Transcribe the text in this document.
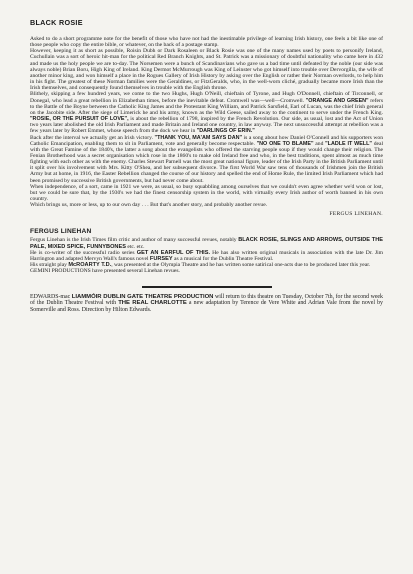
BLACK ROSIE

Asked to do a short programme note for the benefit of those who have not had the inestimable privilege of learning Irish history, one feels a bit like one of those people who copy the entire bible, or whatever, on the back of a postage stamp.

However, keeping it as short as possible, Roisin Dubh or Dark Rosaleen or Black Rosie was one of the many names used by poets to personify Ireland, Cuchullain was a sort of heroic hit-man for the political Red Branch Knights, and St. Patrick was a missionary of doubtful nationality who came here in 432 and made us the holy people we are to-day. The Norsemen were a bunch of Scandinavians who gave us a bad time until defeated by the noble (our side was always noble) Brian Boru, High King of Ireland. King Dermot McMurrough was King of Leinster who got himself into trouble over Dervorgilla, the wife of another minor king, and won himself a place in the Rogues Gallery of Irish History by asking over the English or rather their Norman overlords, to help him in his fight. The greatest of these Norman families were the Geraldines, or FitzGeralds, who, in the well-worn cliché, gradually became more Irish than the Irish themselves, and consequently found themselves in trouble with the English throne.

Blithely, skipping a few hundred years, we come to the two Hughs, Hugh O'Neill, chieftain of Tyrone, and Hugh O'Donnell, chieftain of Tirconnell, or Donegal, who lead a great rebellion in Elizabethan times, before the inevitable defeat. Cromwell was—well—Cromwell. "ORANGE AND GREEN" refers to the Battle of the Boyne between the Catholic King James and the Protestant King William, and Patrick Sarsfield, Earl of Lucan, was the chief Irish general on the Jacobite side. After the siege of Limerick he and his army, known as the Wild Geese, sailed away to the continent to serve under the French King. "ROSIE, OR THE PURSUIT OF LOVE", is about the rebellion of 1798, inspired by the French Revolution. Our side, as usual, lost and the Act of Union two years later abolished the old Irish Parliament and made Britain and Ireland one country, in law anyway. The next unsuccessful attempt at rebellion was a few years later by Robert Emmet, whose speech from the dock we hear in "DARLINGS OF ERIN."

Back after the interval we actually get an Irish victory. "THANK YOU, MA'AM SAYS DAN" is a song about how Daniel O'Connell and his supporters won Catholic Emancipation, enabling them to sit in Parliament, vote and generally become respectable. "NO ONE TO BLAME" and "LADLE IT WELL" deal with the Great Famine of the 1840's, the latter a song about the evangelists who offered the starving people soup if they would change their religion. The Fenian Brotherhood was a secret organisation which rose in the 1860's to make old Ireland free and who, in the best traditions, spent almost as much time fighting with each other as with the enemy. Charles Stewart Parnell was the most great national figure, leader of the Irish Party in the British Parliament until it split over his involvement with Mrs. Kitty O'Shea, and her subsequent divorce. The first World War saw tens of thousands of Irishmen join the British Army but at home, in 1916, the Easter Rebellion changed the course of our history and spelled the end of Home Rule, the limited Irish Parliament which had been promised by successive British governments, but had never come about.

When independence, of a sort, came in 1921 we were, as usual, so busy squabbling among ourselves that we couldn't even agree whether we'd won or lost, but we could be sure that, by the 1930's we had the finest censorship system in the world, with virtually every Irish author of worth banned in his own country.

Which brings us, more or less, up to our own day . . . But that's another story, and probably another revue.

FERGUS LINEHAN.
FERGUS LINEHAN

Fergus Linehan is the Irish Times film critic and author of many successful revues, notably BLACK ROSIE, SLINGS AND ARROWS, OUTSIDE THE PALE, MIXED SPICE, FUNNYBONES etc. etc.

He is co-writer of the successful radio series GET AN EARFUL OF THIS. He has also written original musicals in association with the late Dr. Jim Harrington and adapted Mervyn Wall's famous novel FURSEY as a musical for the Dublin Theatre Festival.

His straight play McROARTY T.D., was presented at the Olympia Theatre and he has written some satirical one-acts due to be produced later this year.

GEMINI PRODUCTIONS have presented several Linehan revues.

EDWARDS-mac LIAMMÓIR DUBLIN GATE THEATRE PRODUCTION will return to this theatre on Tuesday, October 7th, for the second week of the Dublin Theatre Festival with THE REAL CHARLOTTE a new adaptation by Terence de Vere White and Adrian Vale from the novel by Somerville and Ross. Direction by Hilton Edwards.
